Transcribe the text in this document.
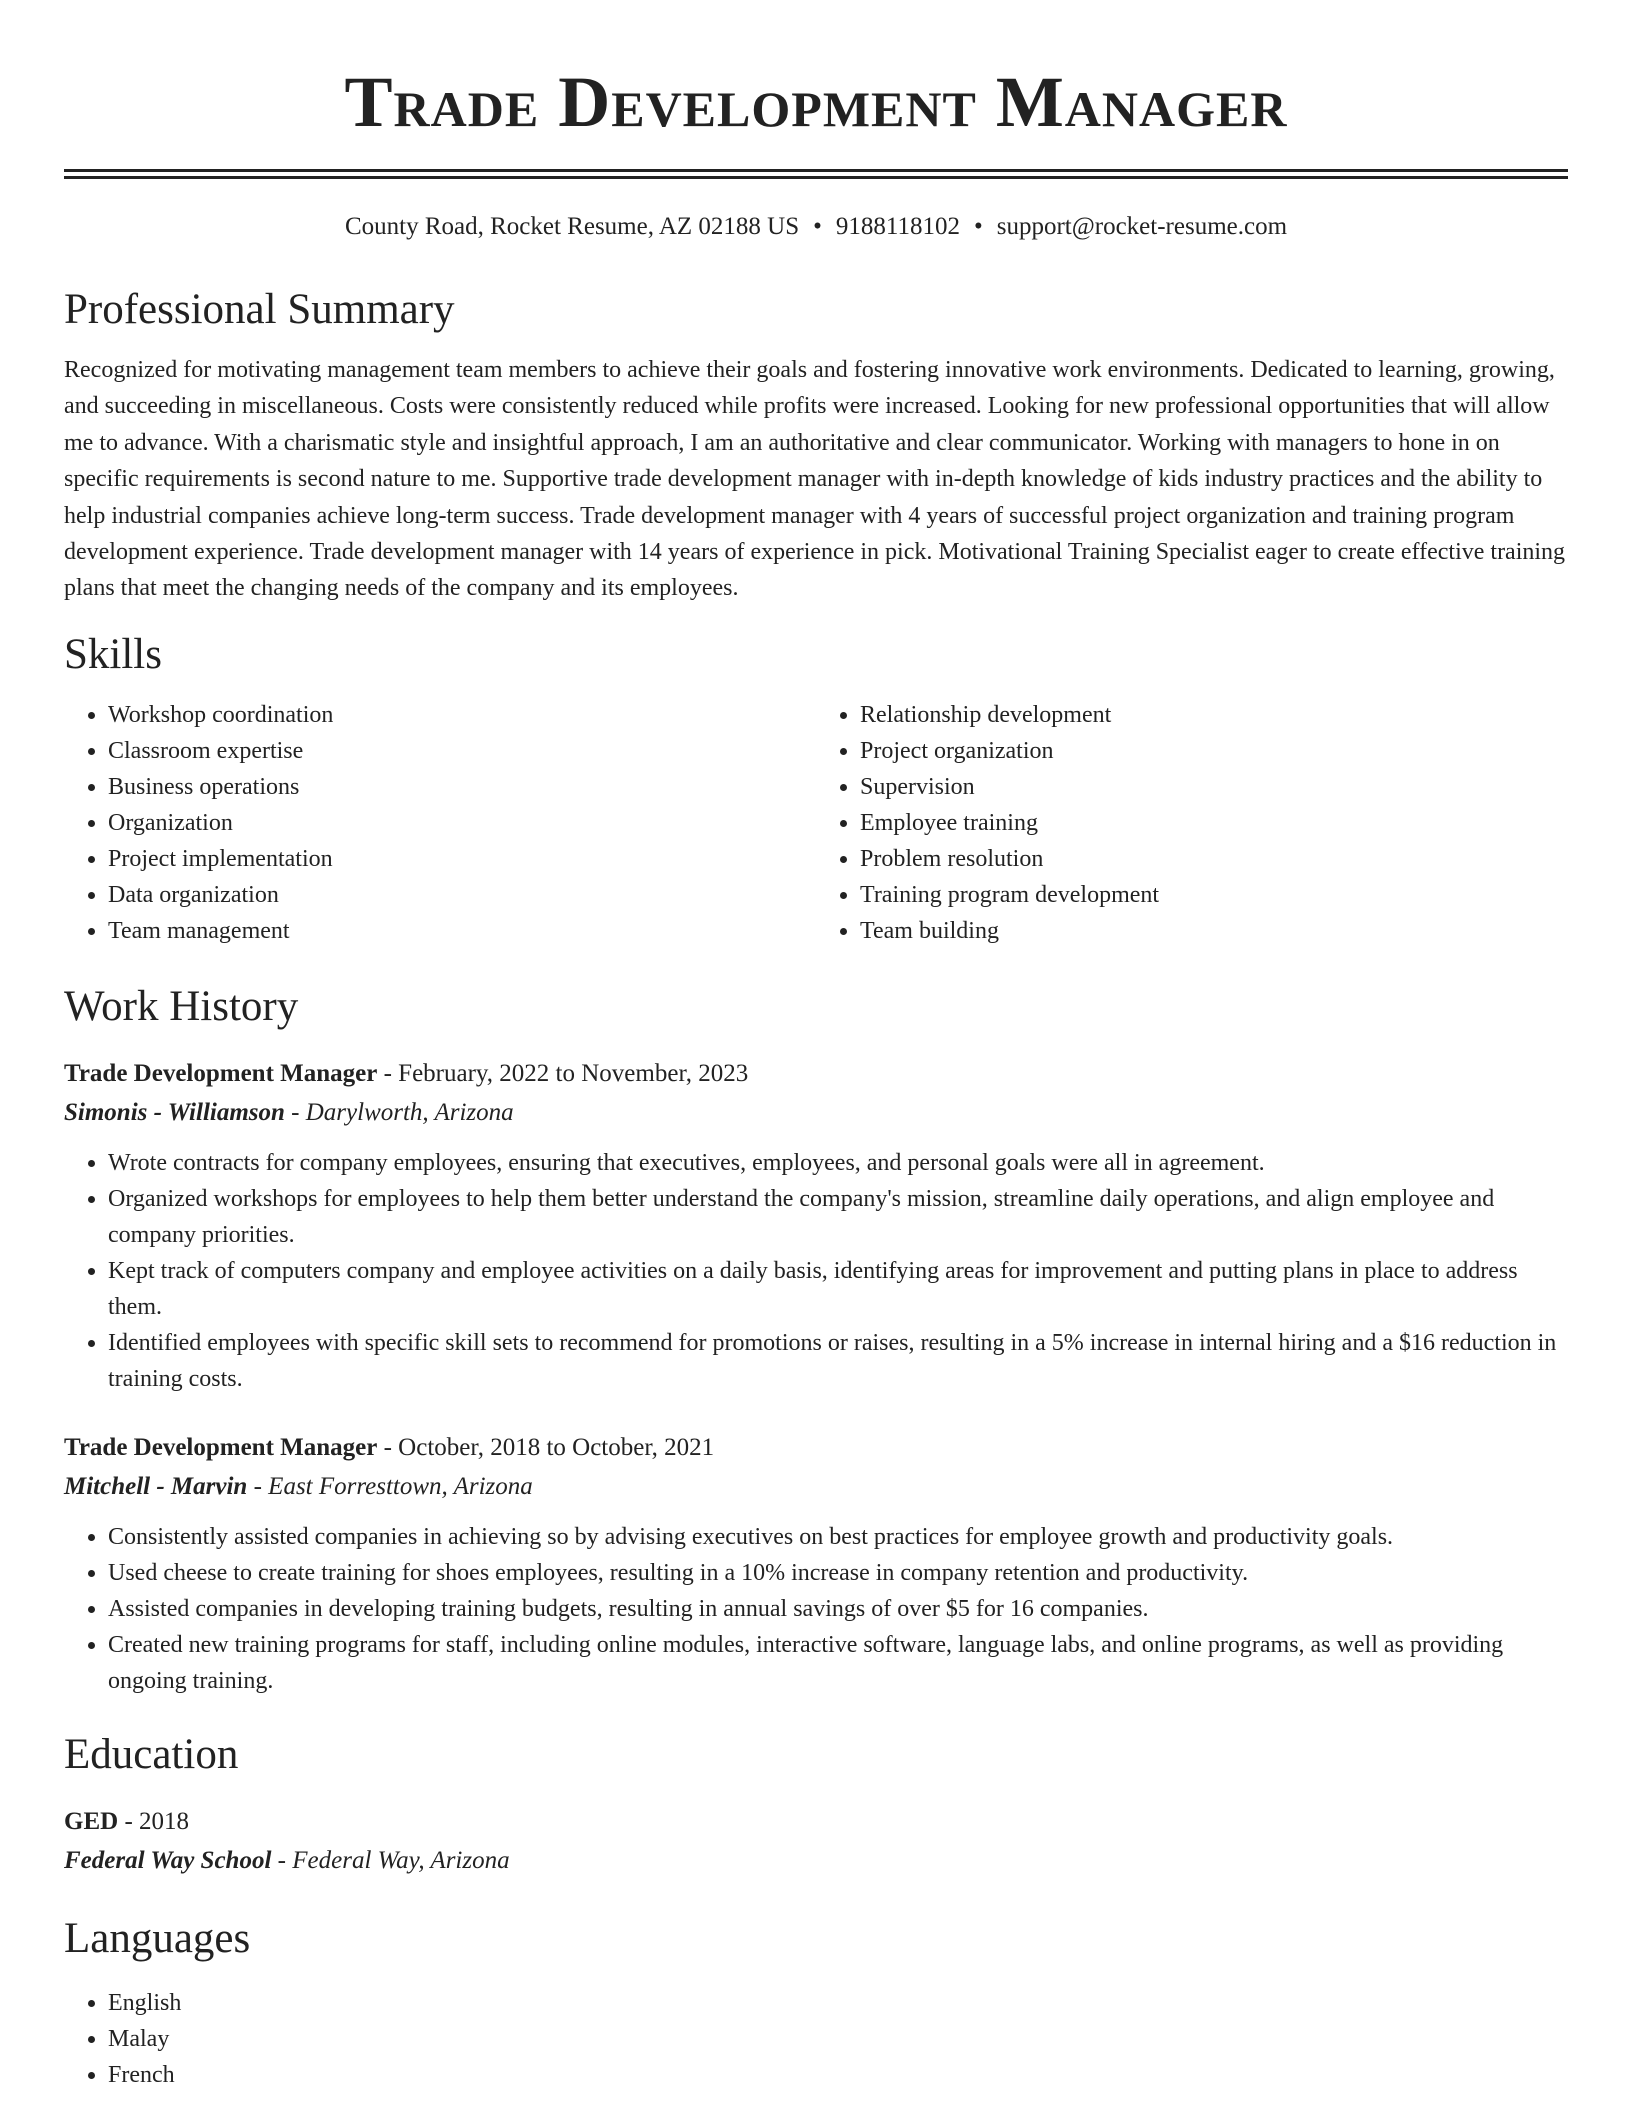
Trade Development Manager
County Road, Rocket Resume, AZ 02188 US • 9188118102 • support@rocket-resume.com
Professional Summary
Recognized for motivating management team members to achieve their goals and fostering innovative work environments. Dedicated to learning, growing, and succeeding in miscellaneous. Costs were consistently reduced while profits were increased. Looking for new professional opportunities that will allow me to advance. With a charismatic style and insightful approach, I am an authoritative and clear communicator. Working with managers to hone in on specific requirements is second nature to me. Supportive trade development manager with in-depth knowledge of kids industry practices and the ability to help industrial companies achieve long-term success. Trade development manager with 4 years of successful project organization and training program development experience. Trade development manager with 14 years of experience in pick. Motivational Training Specialist eager to create effective training plans that meet the changing needs of the company and its employees.
Skills
• Workshop coordination
• Classroom expertise
• Business operations
• Organization
• Project implementation
• Data organization
• Team management
• Relationship development
• Project organization
• Supervision
• Employee training
• Problem resolution
• Training program development
• Team building
Work History
Trade Development Manager - February, 2022 to November, 2023
Simonis - Williamson - Darylworth, Arizona
• Wrote contracts for company employees, ensuring that executives, employees, and personal goals were all in agreement.
• Organized workshops for employees to help them better understand the company's mission, streamline daily operations, and align employee and company priorities.
• Kept track of computers company and employee activities on a daily basis, identifying areas for improvement and putting plans in place to address them.
• Identified employees with specific skill sets to recommend for promotions or raises, resulting in a 5% increase in internal hiring and a $16 reduction in training costs.
Trade Development Manager - October, 2018 to October, 2021
Mitchell - Marvin - East Forresttown, Arizona
• Consistently assisted companies in achieving so by advising executives on best practices for employee growth and productivity goals.
• Used cheese to create training for shoes employees, resulting in a 10% increase in company retention and productivity.
• Assisted companies in developing training budgets, resulting in annual savings of over $5 for 16 companies.
• Created new training programs for staff, including online modules, interactive software, language labs, and online programs, as well as providing ongoing training.
Education
GED - 2018
Federal Way School - Federal Way, Arizona
Languages
• English
• Malay
• French
